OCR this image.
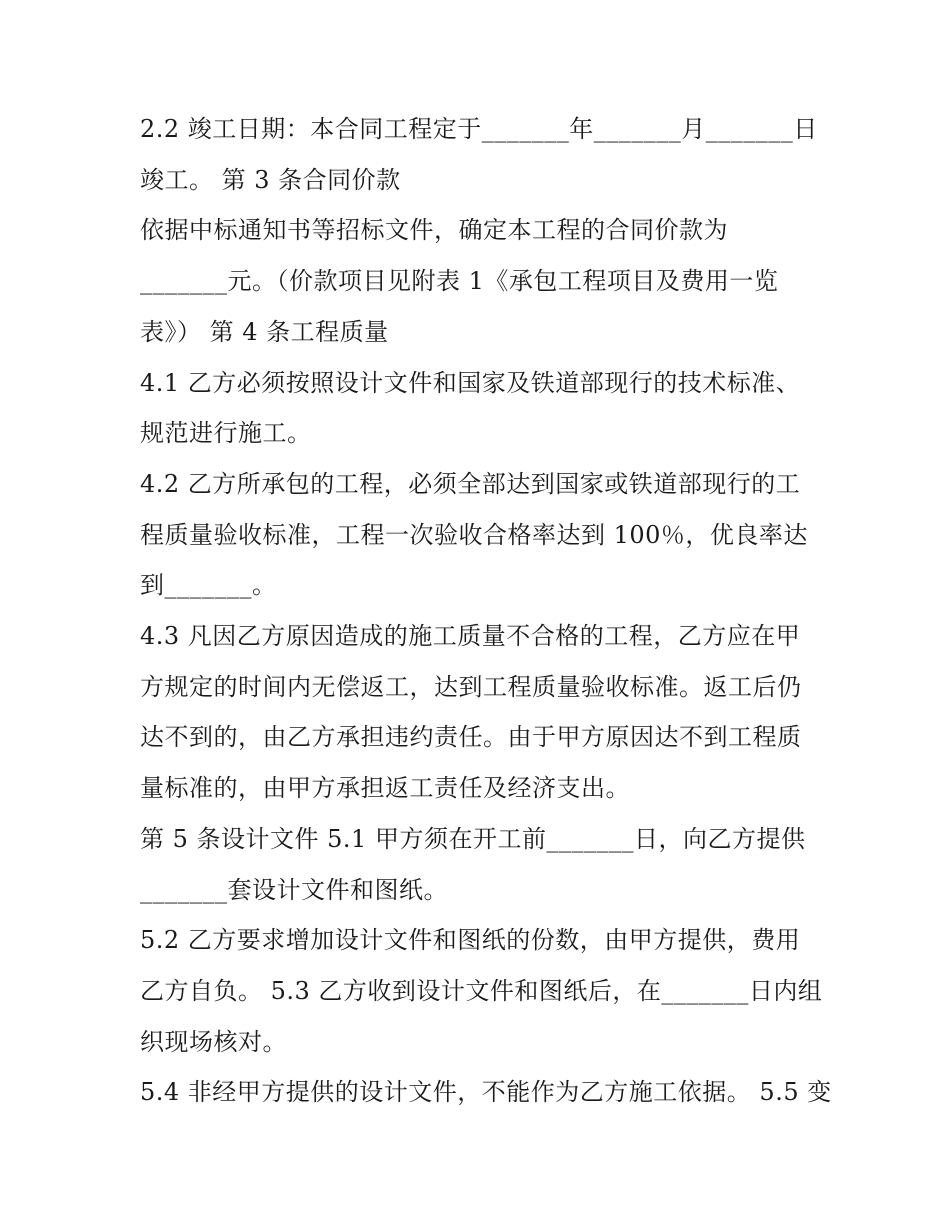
2.2 竣工日期：本合同工程定于_______年_______月_______日
竣工。 第 3 条合同价款
依据中标通知书等招标文件，确定本工程的合同价款为
_______元。（价款项目见附表 1《承包工程项目及费用一览
表》） 第 4 条工程质量
4.1 乙方必须按照设计文件和国家及铁道部现行的技术标准、
规范进行施工。
4.2 乙方所承包的工程，必须全部达到国家或铁道部现行的工
程质量验收标准，工程一次验收合格率达到 100％，优良率达
到_______。
4.3 凡因乙方原因造成的施工质量不合格的工程，乙方应在甲
方规定的时间内无偿返工，达到工程质量验收标准。返工后仍
达不到的，由乙方承担违约责任。由于甲方原因达不到工程质
量标准的，由甲方承担返工责任及经济支出。
第 5 条设计文件 5.1 甲方须在开工前_______日，向乙方提供
_______套设计文件和图纸。
5.2 乙方要求增加设计文件和图纸的份数，由甲方提供，费用
乙方自负。 5.3 乙方收到设计文件和图纸后，在_______日内组
织现场核对。
5.4 非经甲方提供的设计文件，不能作为乙方施工依据。 5.5 变
